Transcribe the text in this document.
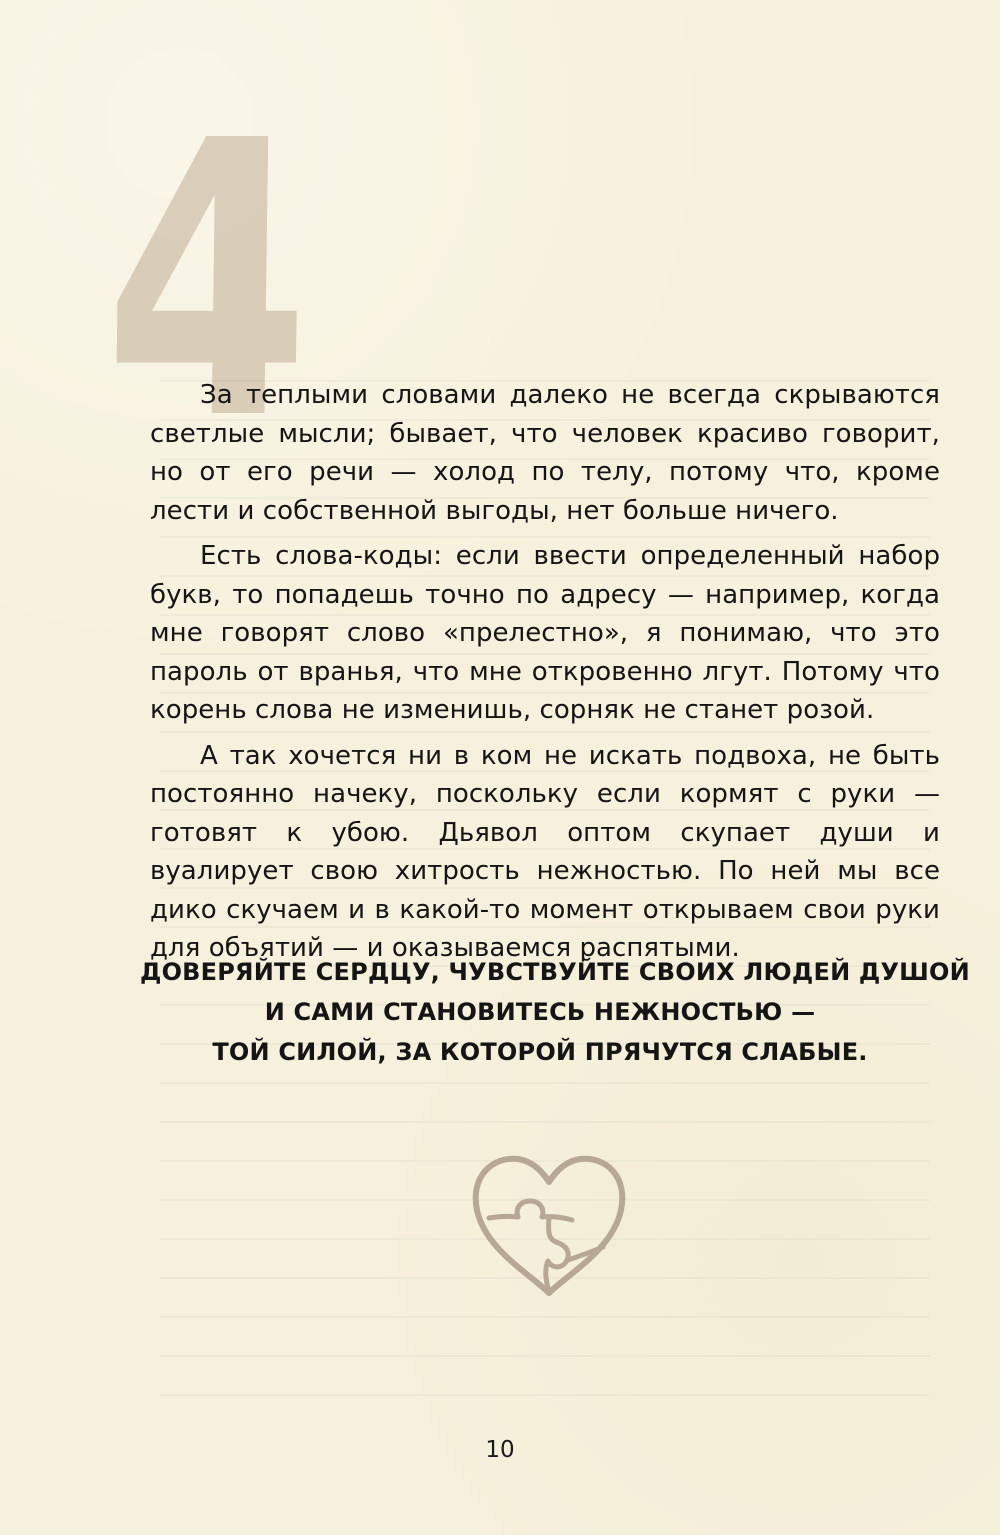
4

За теплыми словами далеко не всегда скрываются светлые мысли; бывает, что человек красиво говорит, но от его речи — холод по телу, потому что, кроме лести и собственной выгоды, нет больше ничего.

Есть слова-коды: если ввести определенный набор букв, то попадешь точно по адресу — например, когда мне говорят слово «прелестно», я понимаю, что это пароль от вранья, что мне откровенно лгут. Потому что корень слова не изменишь, сорняк не станет розой.

А так хочется ни в ком не искать подвоха, не быть постоянно начеку, поскольку если кормят с руки — готовят к убою. Дьявол оптом скупает души и вуалирует свою хитрость нежностью. По ней мы все дико скучаем и в какой-то момент открываем свои руки для объятий — и оказываемся распятыми.

ДОВЕРЯЙТЕ СЕРДЦУ, ЧУВСТВУЙТЕ СВОИХ ЛЮДЕЙ ДУШОЙ
И САМИ СТАНОВИТЕСЬ НЕЖНОСТЬЮ —
ТОЙ СИЛОЙ, ЗА КОТОРОЙ ПРЯЧУТСЯ СЛАБЫЕ.
10
